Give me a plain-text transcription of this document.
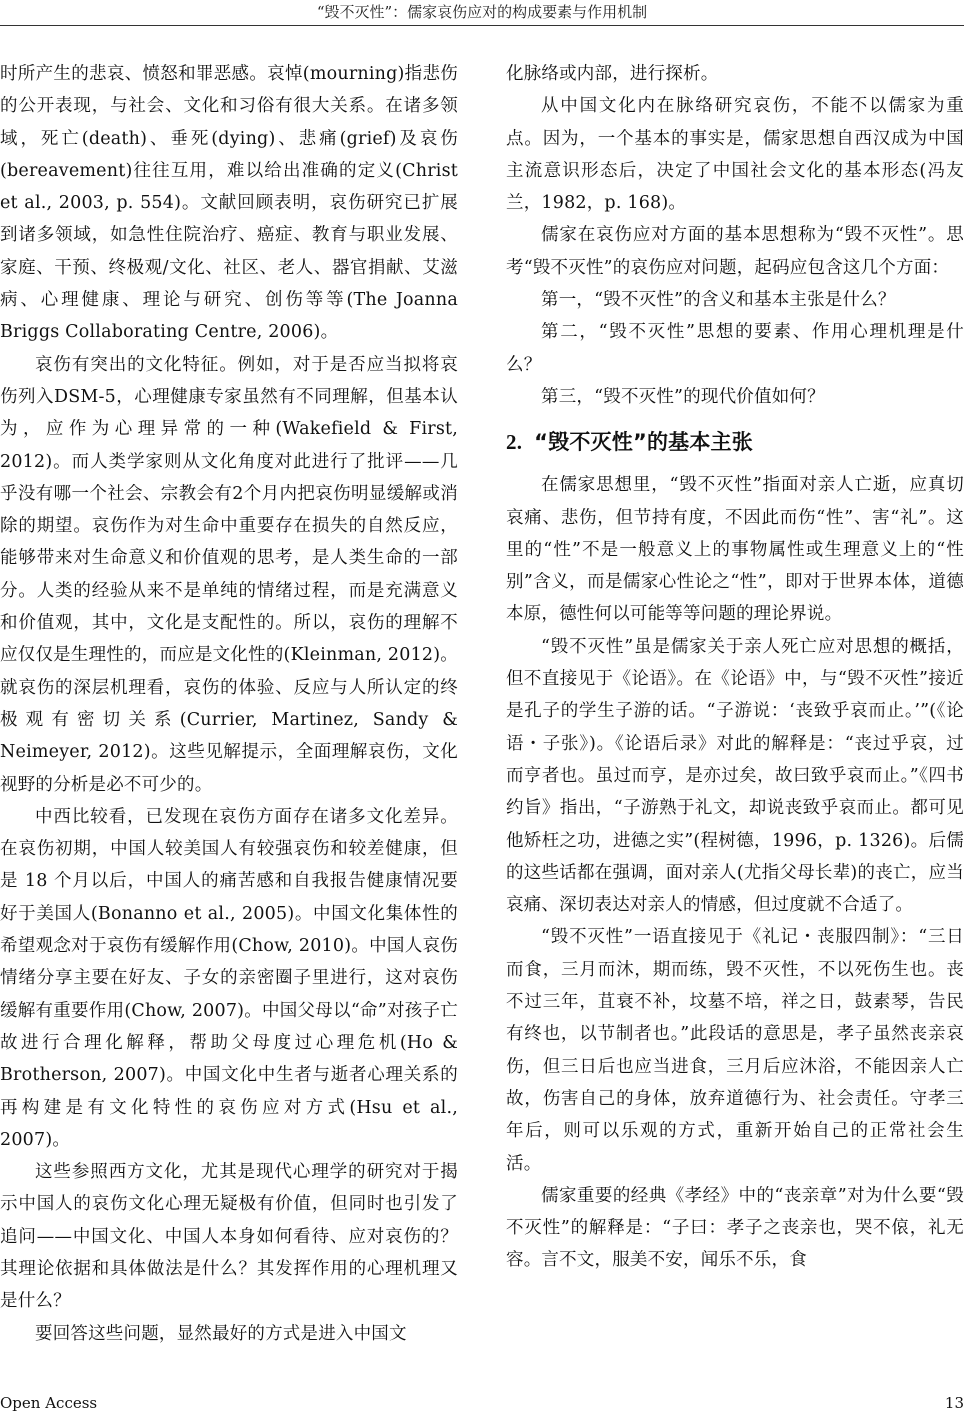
“毁不灭性”：儒家哀伤应对的构成要素与作用机制

时所产生的悲哀、愤怒和罪恶感。哀悼(mourning)指悲伤的公开表现，与社会、文化和习俗有很大关系。在诸多领域，死亡(death)、垂死(dying)、悲痛(grief)及哀伤(bereavement)往往互用，难以给出准确的定义(Christ et al., 2003, p. 554)。文献回顾表明，哀伤研究已扩展到诸多领域，如急性住院治疗、癌症、教育与职业发展、家庭、干预、终极观/文化、社区、老人、器官捐献、艾滋病、心理健康、理论与研究、创伤等等(The Joanna Briggs Collaborating Centre, 2006)。

哀伤有突出的文化特征。例如，对于是否应当拟将哀伤列入DSM-5，心理健康专家虽然有不同理解，但基本认为，应作为心理异常的一种(Wakefield & First, 2012)。而人类学家则从文化角度对此进行了批评——几乎没有哪一个社会、宗教会有2个月内把哀伤明显缓解或消除的期望。哀伤作为对生命中重要存在损失的自然反应，能够带来对生命意义和价值观的思考，是人类生命的一部分。人类的经验从来不是单纯的情绪过程，而是充满意义和价值观，其中，文化是支配性的。所以，哀伤的理解不应仅仅是生理性的，而应是文化性的(Kleinman, 2012)。就哀伤的深层机理看，哀伤的体验、反应与人所认定的终极观有密切关系(Currier, Martinez, Sandy & Neimeyer, 2012)。这些见解提示，全面理解哀伤，文化视野的分析是必不可少的。

中西比较看，已发现在哀伤方面存在诸多文化差异。在哀伤初期，中国人较美国人有较强哀伤和较差健康，但是 18 个月以后，中国人的痛苦感和自我报告健康情况要好于美国人(Bonanno et al., 2005)。中国文化集体性的希望观念对于哀伤有缓解作用(Chow, 2010)。中国人哀伤情绪分享主要在好友、子女的亲密圈子里进行，这对哀伤缓解有重要作用(Chow, 2007)。中国父母以“命”对孩子亡故进行合理化解释，帮助父母度过心理危机(Ho & Brotherson, 2007)。中国文化中生者与逝者心理关系的再构建是有文化特性的哀伤应对方式(Hsu et al., 2007)。

这些参照西方文化，尤其是现代心理学的研究对于揭示中国人的哀伤文化心理无疑极有价值，但同时也引发了追问——中国文化、中国人本身如何看待、应对哀伤的？其理论依据和具体做法是什么？其发挥作用的心理机理又是什么？

要回答这些问题，显然最好的方式是进入中国文

化脉络或内部，进行探析。

从中国文化内在脉络研究哀伤，不能不以儒家为重点。因为，一个基本的事实是，儒家思想自西汉成为中国主流意识形态后，决定了中国社会文化的基本形态(冯友兰，1982，p. 168)。

儒家在哀伤应对方面的基本思想称为“毁不灭性”。思考“毁不灭性”的哀伤应对问题，起码应包含这几个方面：

第一，“毁不灭性”的含义和基本主张是什么？

第二，“毁不灭性”思想的要素、作用心理机理是什么？

第三，“毁不灭性”的现代价值如何？

2. “毁不灭性”的基本主张

在儒家思想里，“毁不灭性”指面对亲人亡逝，应真切哀痛、悲伤，但节持有度，不因此而伤“性”、害“礼”。这里的“性”不是一般意义上的事物属性或生理意义上的“性别”含义，而是儒家心性论之“性”，即对于世界本体，道德本原，德性何以可能等等问题的理论界说。

“毁不灭性”虽是儒家关于亲人死亡应对思想的概括，但不直接见于《论语》。在《论语》中，与“毁不灭性”接近是孔子的学生子游的话。“子游说：‘丧致乎哀而止。’”(《论语・子张》)。《论语后录》对此的解释是：“丧过乎哀，过而亨者也。虽过而亨，是亦过矣，故曰致乎哀而止。”《四书约旨》指出，“子游熟于礼文，却说丧致乎哀而止。都可见他矫枉之功，进德之实”(程树德，1996，p. 1326)。后儒的这些话都在强调，面对亲人(尤指父母长辈)的丧亡，应当哀痛、深切表达对亲人的情感，但过度就不合适了。

“毁不灭性”一语直接见于《礼记・丧服四制》：“三日而食，三月而沐，期而练，毁不灭性，不以死伤生也。丧不过三年，苴衰不补，坟墓不培，祥之日，鼓素琴，告民有终也，以节制者也。”此段话的意思是，孝子虽然丧亲哀伤，但三日后也应当进食，三月后应沐浴，不能因亲人亡故，伤害自己的身体，放弃道德行为、社会责任。守孝三年后，则可以乐观的方式，重新开始自己的正常社会生活。

儒家重要的经典《孝经》中的“丧亲章”对为什么要“毁不灭性”的解释是：“子曰：孝子之丧亲也，哭不偯，礼无容。言不文，服美不安，闻乐不乐，食

Open Access	13
